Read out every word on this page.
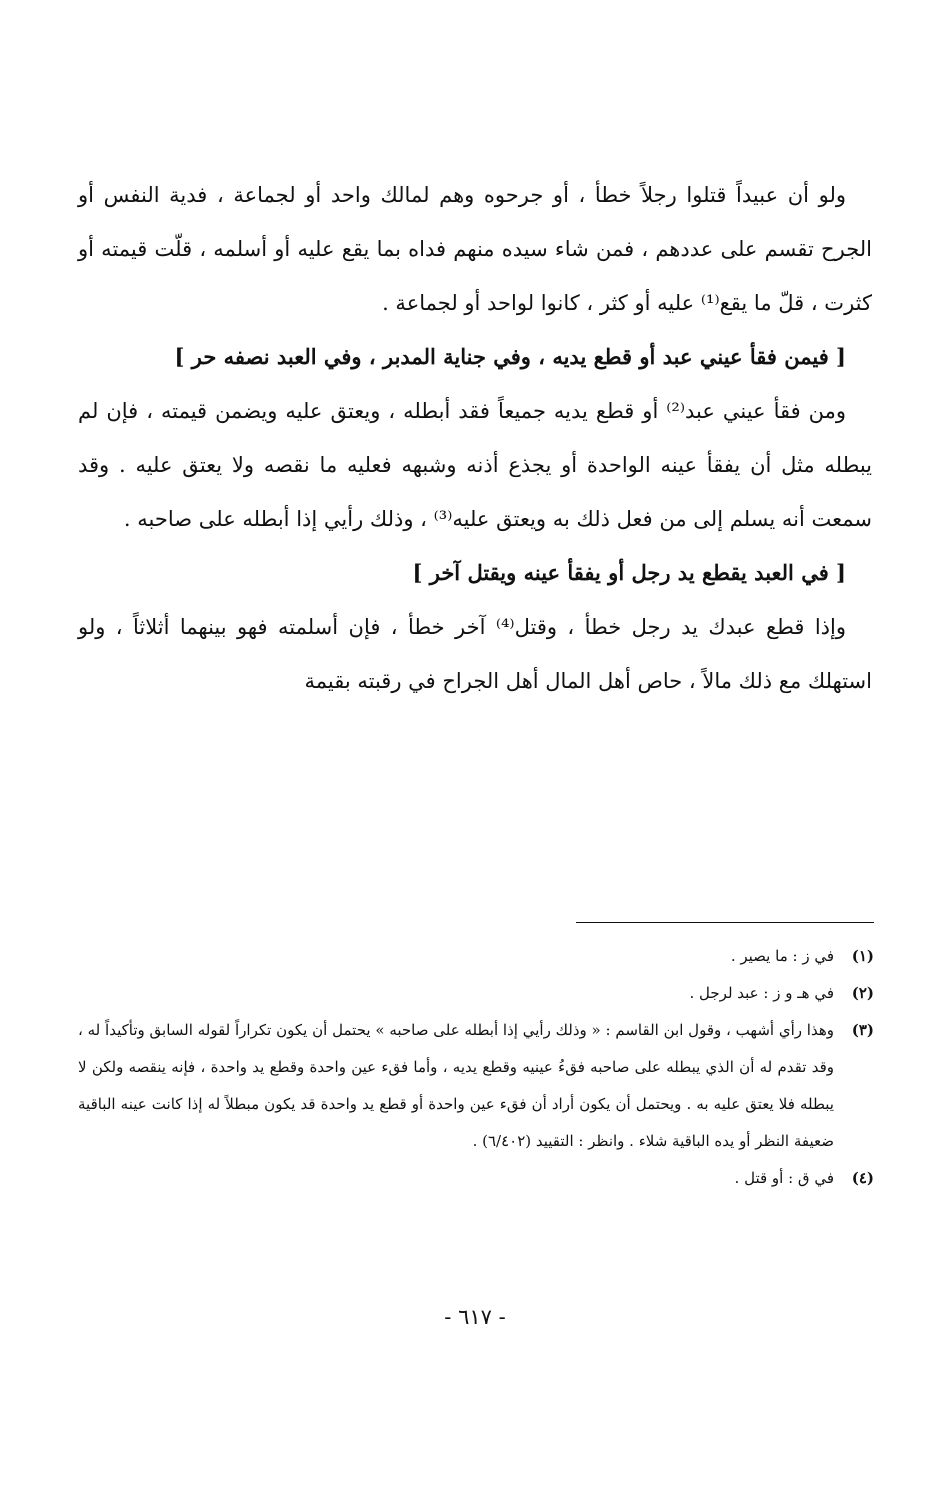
ولو أن عبيداً قتلوا رجلاً خطأ ، أو جرحوه وهم لمالك واحد أو لجماعة ، فدية النفس أو الجرح تقسم على عددهم ، فمن شاء سيده منهم فداه بما يقع عليه أو أسلمه ، قلّت قيمته أو كثرت ، قلّ ما يقع⁽¹⁾ عليه أو كثر ، كانوا لواحد أو لجماعة .

[ فيمن فقأ عيني عبد أو قطع يديه ، وفي جناية المدبر ، وفي العبد نصفه حر ]

ومن فقأ عيني عبد⁽²⁾ أو قطع يديه جميعاً فقد أبطله ، ويعتق عليه ويضمن قيمته ، فإن لم يبطله مثل أن يفقأ عينه الواحدة أو يجذع أذنه وشبهه فعليه ما نقصه ولا يعتق عليه . وقد سمعت أنه يسلم إلى من فعل ذلك به ويعتق عليه⁽³⁾ ، وذلك رأيي إذا أبطله على صاحبه .

[ في العبد يقطع يد رجل أو يفقأ عينه ويقتل آخر ]

وإذا قطع عبدك يد رجل خطأ ، وقتل⁽⁴⁾ آخر خطأ ، فإن أسلمته فهو بينهما أثلاثاً ، ولو استهلك مع ذلك مالاً ، حاص أهل المال أهل الجراح في رقبته بقيمة

(١)
في ز : ما يصير .
(٢)
في هـ و ز : عبد لرجل .
(٣)
وهذا رأي أشهب ، وقول ابن القاسم : « وذلك رأيي إذا أبطله على صاحبه » يحتمل أن يكون تكراراً لقوله السابق وتأكيداً له ، وقد تقدم له أن الذي يبطله على صاحبه فقءُ عينيه وقطع يديه ، وأما فقء عين واحدة وقطع يد واحدة ، فإنه ينقصه ولكن لا يبطله فلا يعتق عليه به . ويحتمل أن يكون أراد أن فقء عين واحدة أو قطع يد واحدة قد يكون مبطلاً له إذا كانت عينه الباقية ضعيفة النظر أو يده الباقية شلاء . وانظر : التقييد (٦/٤٠٢) .
(٤)
في ق : أو قتل .
- ٦١٧ -
